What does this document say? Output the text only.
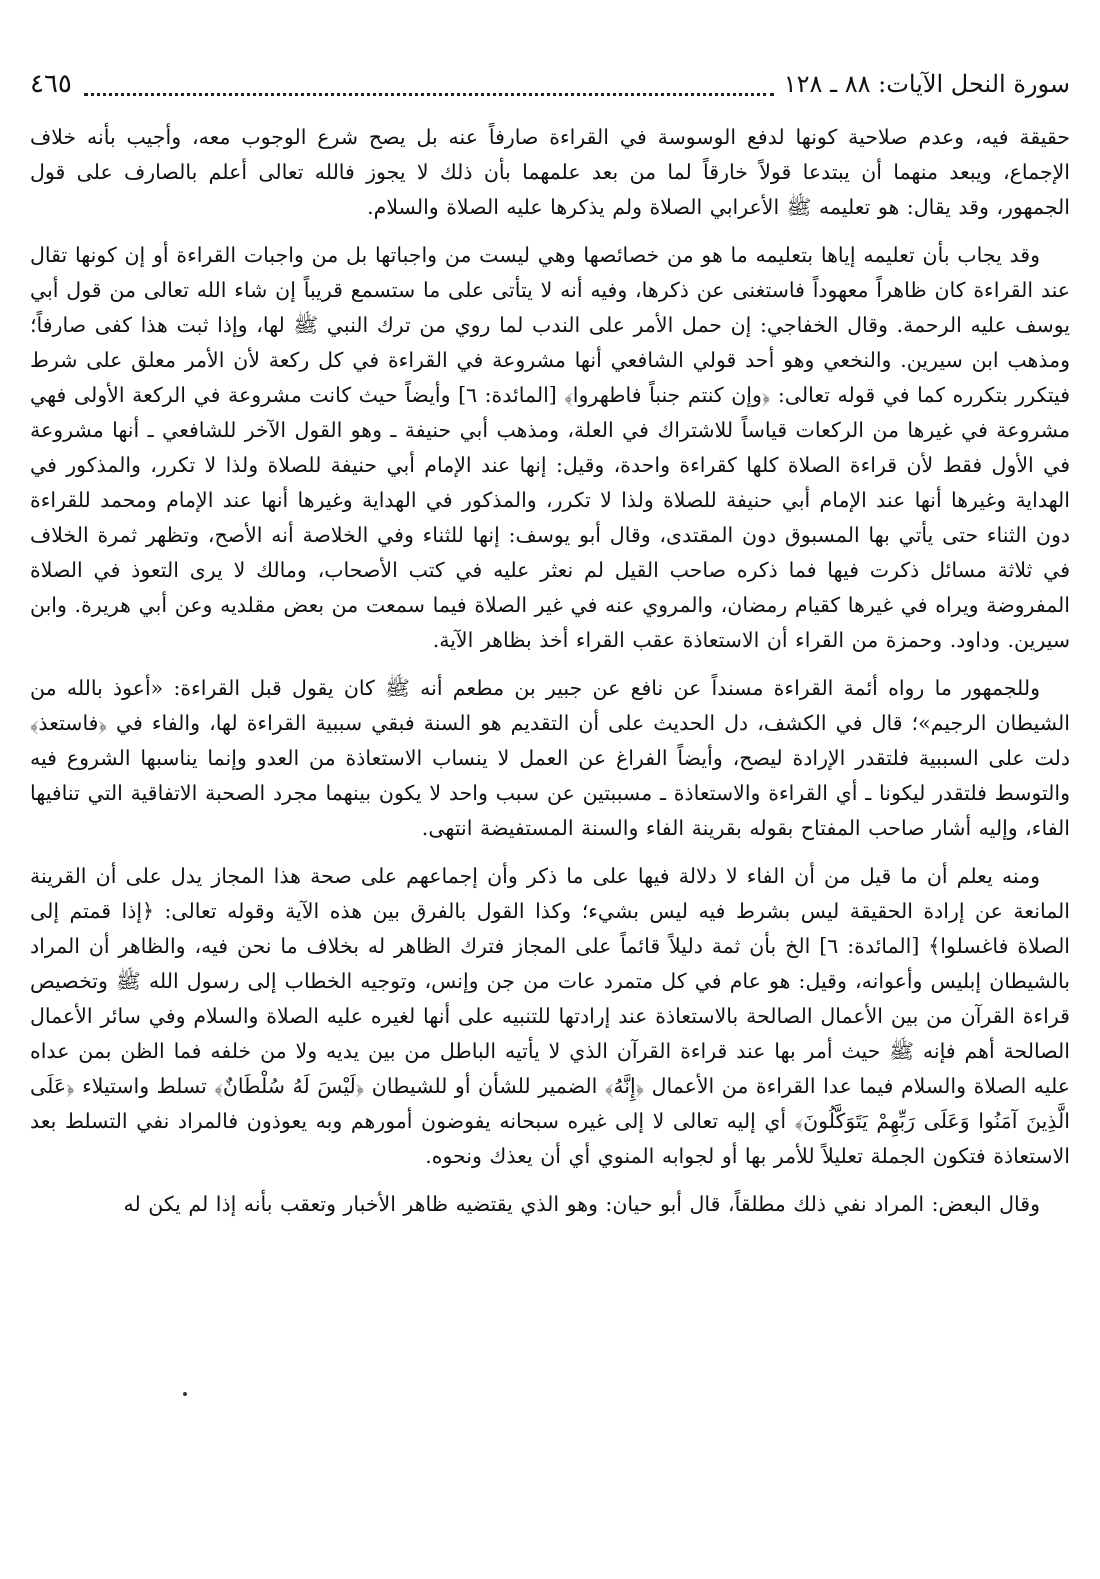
سورة النحل الآيات: ٨٨ ـ ١٢٨
٤٦٥

حقيقة فيه، وعدم صلاحية كونها لدفع الوسوسة في القراءة صارفاً عنه بل يصح شرع الوجوب معه، وأجيب بأنه خلاف الإجماع، ويبعد منهما أن يبتدعا قولاً خارقاً لما من بعد علمهما بأن ذلك لا يجوز فالله تعالى أعلم بالصارف على قول الجمهور، وقد يقال: هو تعليمه ﷺ الأعرابي الصلاة ولم يذكرها عليه الصلاة والسلام.

وقد يجاب بأن تعليمه إياها بتعليمه ما هو من خصائصها وهي ليست من واجباتها بل من واجبات القراءة أو إن كونها تقال عند القراءة كان ظاهراً معهوداً فاستغنى عن ذكرها، وفيه أنه لا يتأتى على ما ستسمع قريباً إن شاء الله تعالى من قول أبي يوسف عليه الرحمة. وقال الخفاجي: إن حمل الأمر على الندب لما روي من ترك النبي ﷺ لها، وإذا ثبت هذا كفى صارفاً؛ ومذهب ابن سيرين. والنخعي وهو أحد قولي الشافعي أنها مشروعة في القراءة في كل ركعة لأن الأمر معلق على شرط فيتكرر بتكرره كما في قوله تعالى: ﴿وإن كنتم جنباً فاطهروا﴾ [المائدة: ٦] وأيضاً حيث كانت مشروعة في الركعة الأولى فهي مشروعة في غيرها من الركعات قياساً للاشتراك في العلة، ومذهب أبي حنيفة ـ وهو القول الآخر للشافعي ـ أنها مشروعة في الأول فقط لأن قراءة الصلاة كلها كقراءة واحدة، وقيل: إنها عند الإمام أبي حنيفة للصلاة ولذا لا تكرر، والمذكور في الهداية وغيرها أنها عند الإمام أبي حنيفة للصلاة ولذا لا تكرر، والمذكور في الهداية وغيرها أنها عند الإمام ومحمد للقراءة دون الثناء حتى يأتي بها المسبوق دون المقتدى، وقال أبو يوسف: إنها للثناء وفي الخلاصة أنه الأصح، وتظهر ثمرة الخلاف في ثلاثة مسائل ذكرت فيها فما ذكره صاحب القيل لم نعثر عليه في كتب الأصحاب، ومالك لا يرى التعوذ في الصلاة المفروضة ويراه في غيرها كقيام رمضان، والمروي عنه في غير الصلاة فيما سمعت من بعض مقلديه وعن أبي هريرة. وابن سيرين. وداود. وحمزة من القراء أن الاستعاذة عقب القراء أخذ بظاهر الآية.

وللجمهور ما رواه أئمة القراءة مسنداً عن نافع عن جبير بن مطعم أنه ﷺ كان يقول قبل القراءة: «أعوذ بالله من الشيطان الرجيم»؛ قال في الكشف، دل الحديث على أن التقديم هو السنة فبقي سببية القراءة لها، والفاء في ﴿فاستعذ﴾ دلت على السببية فلتقدر الإرادة ليصح، وأيضاً الفراغ عن العمل لا ينساب الاستعاذة من العدو وإنما يناسبها الشروع فيه والتوسط فلتقدر ليكونا ـ أي القراءة والاستعاذة ـ مسببتين عن سبب واحد لا يكون بينهما مجرد الصحبة الاتفاقية التي تنافيها الفاء، وإليه أشار صاحب المفتاح بقوله بقرينة الفاء والسنة المستفيضة انتهى.

ومنه يعلم أن ما قيل من أن الفاء لا دلالة فيها على ما ذكر وأن إجماعهم على صحة هذا المجاز يدل على أن القرينة المانعة عن إرادة الحقيقة ليس بشرط فيه ليس بشيء؛ وكذا القول بالفرق بين هذه الآية وقوله تعالى: ﴿إذا قمتم إلى الصلاة فاغسلوا﴾ [المائدة: ٦] الخ بأن ثمة دليلاً قائماً على المجاز فترك الظاهر له بخلاف ما نحن فيه، والظاهر أن المراد بالشيطان إبليس وأعوانه، وقيل: هو عام في كل متمرد عات من جن وإنس، وتوجيه الخطاب إلى رسول الله ﷺ وتخصيص قراءة القرآن من بين الأعمال الصالحة بالاستعاذة عند إرادتها للتنبيه على أنها لغيره عليه الصلاة والسلام وفي سائر الأعمال الصالحة أهم فإنه ﷺ حيث أمر بها عند قراءة القرآن الذي لا يأتيه الباطل من بين يديه ولا من خلفه فما الظن بمن عداه عليه الصلاة والسلام فيما عدا القراءة من الأعمال ﴿إِنَّهُ﴾ الضمير للشأن أو للشيطان ﴿لَيْسَ لَهُ سُلْطَانٌ﴾ تسلط واستيلاء ﴿عَلَى الَّذِينَ آمَنُوا وَعَلَى رَبِّهِمْ يَتَوَكَّلُونَ﴾ أي إليه تعالى لا إلى غيره سبحانه يفوضون أمورهم وبه يعوذون فالمراد نفي التسلط بعد الاستعاذة فتكون الجملة تعليلاً للأمر بها أو لجوابه المنوي أي أن يعذك ونحوه.

وقال البعض: المراد نفي ذلك مطلقاً، قال أبو حيان: وهو الذي يقتضيه ظاهر الأخبار وتعقب بأنه إذا لم يكن له
